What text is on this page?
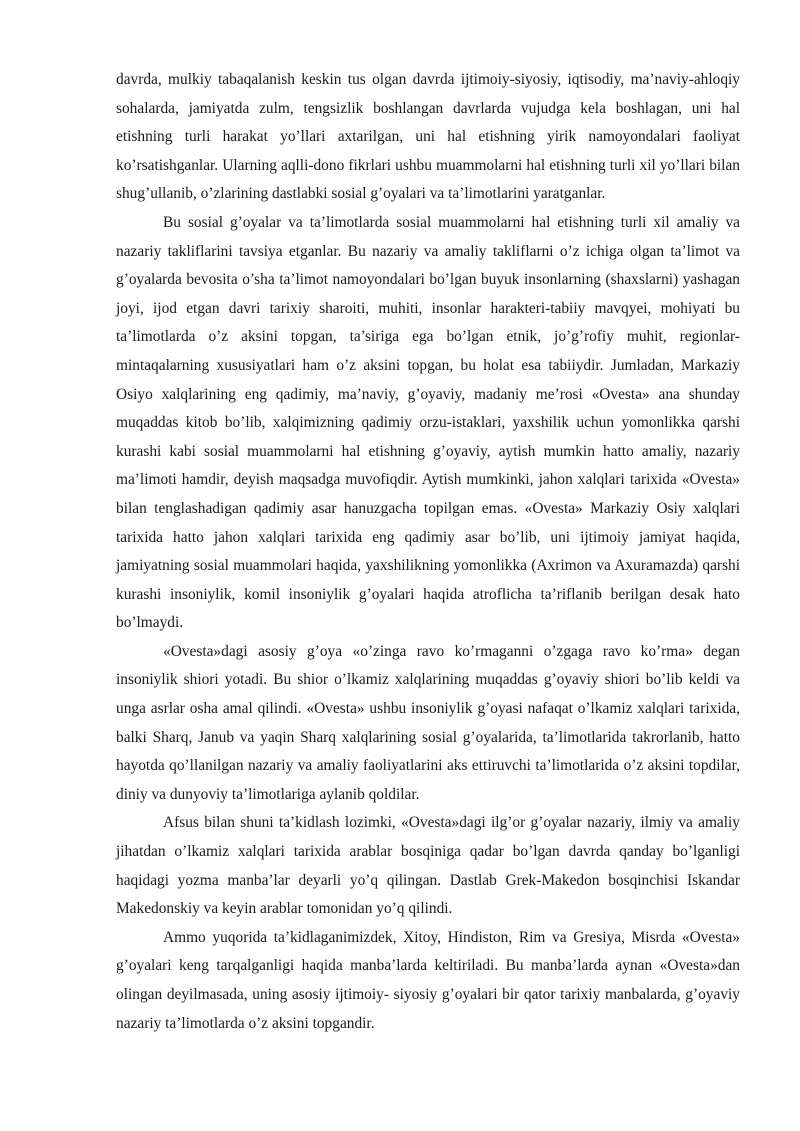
davrda, mulkiy tabaqalanish keskin tus olgan davrda ijtimoiy-siyosiy, iqtisodiy, ma’naviy-ahloqiy sohalarda, jamiyatda zulm, tengsizlik boshlangan davrlarda vujudga kela boshlagan, uni hal etishning turli harakat yo’llari axtarilgan, uni hal etishning yirik namoyondalari faoliyat ko’rsatishganlar. Ularning aqlli-dono fikrlari ushbu muammolarni hal etishning turli xil yo’llari bilan shug’ullanib, o’zlarining dastlabki sosial g’oyalari va ta’limotlarini yaratganlar.

Bu sosial g’oyalar va ta’limotlarda sosial muammolarni hal etishning turli xil amaliy va nazariy takliflarini tavsiya etganlar. Bu nazariy va amaliy takliflarni o’z ichiga olgan ta’limot va g’oyalarda bevosita o’sha ta’limot namoyondalari bo’lgan buyuk insonlarning (shaxslarni) yashagan joyi, ijod etgan davri tarixiy sharoiti, muhiti, insonlar harakteri-tabiiy mavqyei, mohiyati bu ta’limotlarda o’z aksini topgan, ta’siriga ega bo’lgan etnik, jo’g’rofiy muhit, regionlar-mintaqalarning xususiyatlari ham o’z aksini topgan, bu holat esa tabiiydir. Jumladan, Markaziy Osiyo xalqlarining eng qadimiy, ma’naviy, g’oyaviy, madaniy me’rosi «Ovesta» ana shunday muqaddas kitob bo’lib, xalqimizning qadimiy orzu-istaklari, yaxshilik uchun yomonlikka qarshi kurashi kabi sosial muammolarni hal etishning g’oyaviy, aytish mumkin hatto amaliy, nazariy ma’limoti hamdir, deyish maqsadga muvofiqdir. Aytish mumkinki, jahon xalqlari tarixida «Ovesta» bilan tenglashadigan qadimiy asar hanuzgacha topilgan emas. «Ovesta» Markaziy Osiy xalqlari tarixida hatto jahon xalqlari tarixida eng qadimiy asar bo’lib, uni ijtimoiy jamiyat haqida, jamiyatning sosial muammolari haqida, yaxshilikning yomonlikka (Axrimon va Axuramazda) qarshi kurashi insoniylik, komil insoniylik g’oyalari haqida atroflicha ta’riflanib berilgan desak hato bo’lmaydi.

«Ovesta»dagi asosiy g’oya «o’zinga ravo ko’rmaganni o’zgaga ravo ko’rma» degan insoniylik shiori yotadi. Bu shior o’lkamiz xalqlarining muqaddas g’oyaviy shiori bo’lib keldi va unga asrlar osha amal qilindi. «Ovesta» ushbu insoniylik g’oyasi nafaqat o’lkamiz xalqlari tarixida, balki Sharq, Janub va yaqin Sharq xalqlarining sosial g’oyalarida, ta’limotlarida takrorlanib, hatto hayotda qo’llanilgan nazariy va amaliy faoliyatlarini aks ettiruvchi ta’limotlarida o’z aksini topdilar, diniy va dunyoviy ta’limotlariga aylanib qoldilar.

Afsus bilan shuni ta’kidlash lozimki, «Ovesta»dagi ilg’or g’oyalar nazariy, ilmiy va amaliy jihatdan o’lkamiz xalqlari tarixida arablar bosqiniga qadar bo’lgan davrda qanday bo’lganligi haqidagi yozma manba’lar deyarli yo’q qilingan. Dastlab Grek-Makedon bosqinchisi Iskandar Makedonskiy va keyin arablar tomonidan yo’q qilindi.

Ammo yuqorida ta’kidlaganimizdek, Xitoy, Hindiston, Rim va Gresiya, Misrda «Ovesta» g’oyalari keng tarqalganligi haqida manba’larda keltiriladi. Bu manba’larda aynan «Ovesta»dan olingan deyilmasada, uning asosiy ijtimoiy- siyosiy g’oyalari bir qator tarixiy manbalarda, g’oyaviy nazariy ta’limotlarda o’z aksini topgandir.
